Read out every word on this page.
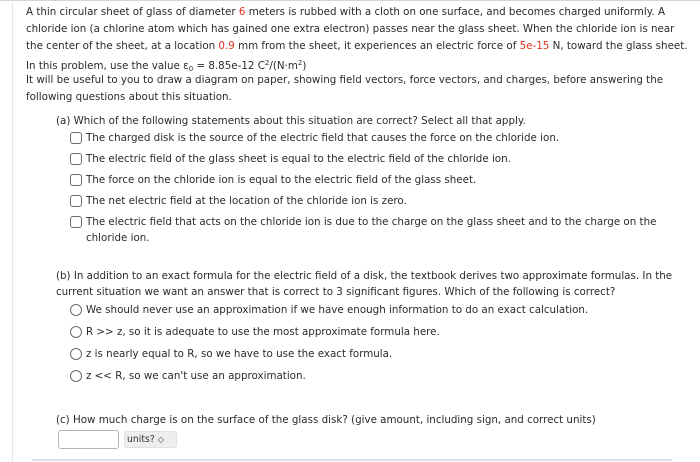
A thin circular sheet of glass of diameter 6 meters is rubbed with a cloth on one surface, and becomes charged uniformly. A chloride ion (a chlorine atom which has gained one extra electron) passes near the glass sheet. When the chloride ion is near the center of the sheet, at a location 0.9 mm from the sheet, it experiences an electric force of 5e-15 N, toward the glass sheet. In this problem, use the value $\varepsilon_0 = 8.85e-12$ $C^2/(N\cdot m^2)$
It will be useful to you to draw a diagram on paper, showing field vectors, force vectors, and charges, before answering the following questions about this situation.
(a) Which of the following statements about this situation are correct? Select all that apply.
The charged disk is the source of the electric field that causes the force on the chloride ion.
The electric field of the glass sheet is equal to the electric field of the chloride ion.
The force on the chloride ion is equal to the electric field of the glass sheet.
The net electric field at the location of the chloride ion is zero.
The electric field that acts on the chloride ion is due to the charge on the glass sheet and to the charge on the chloride ion.
(b) In addition to an exact formula for the electric field of a disk, the textbook derives two approximate formulas. In the current situation we want an answer that is correct to 3 significant figures. Which of the following is correct?
We should never use an approximation if we have enough information to do an exact calculation.
R >> z, so it is adequate to use the most approximate formula here.
z is nearly equal to R, so we have to use the exact formula.
z << R, so we can't use an approximation.
(c) How much charge is on the surface of the glass disk? (give amount, including sign, and correct units)
units? ◇
